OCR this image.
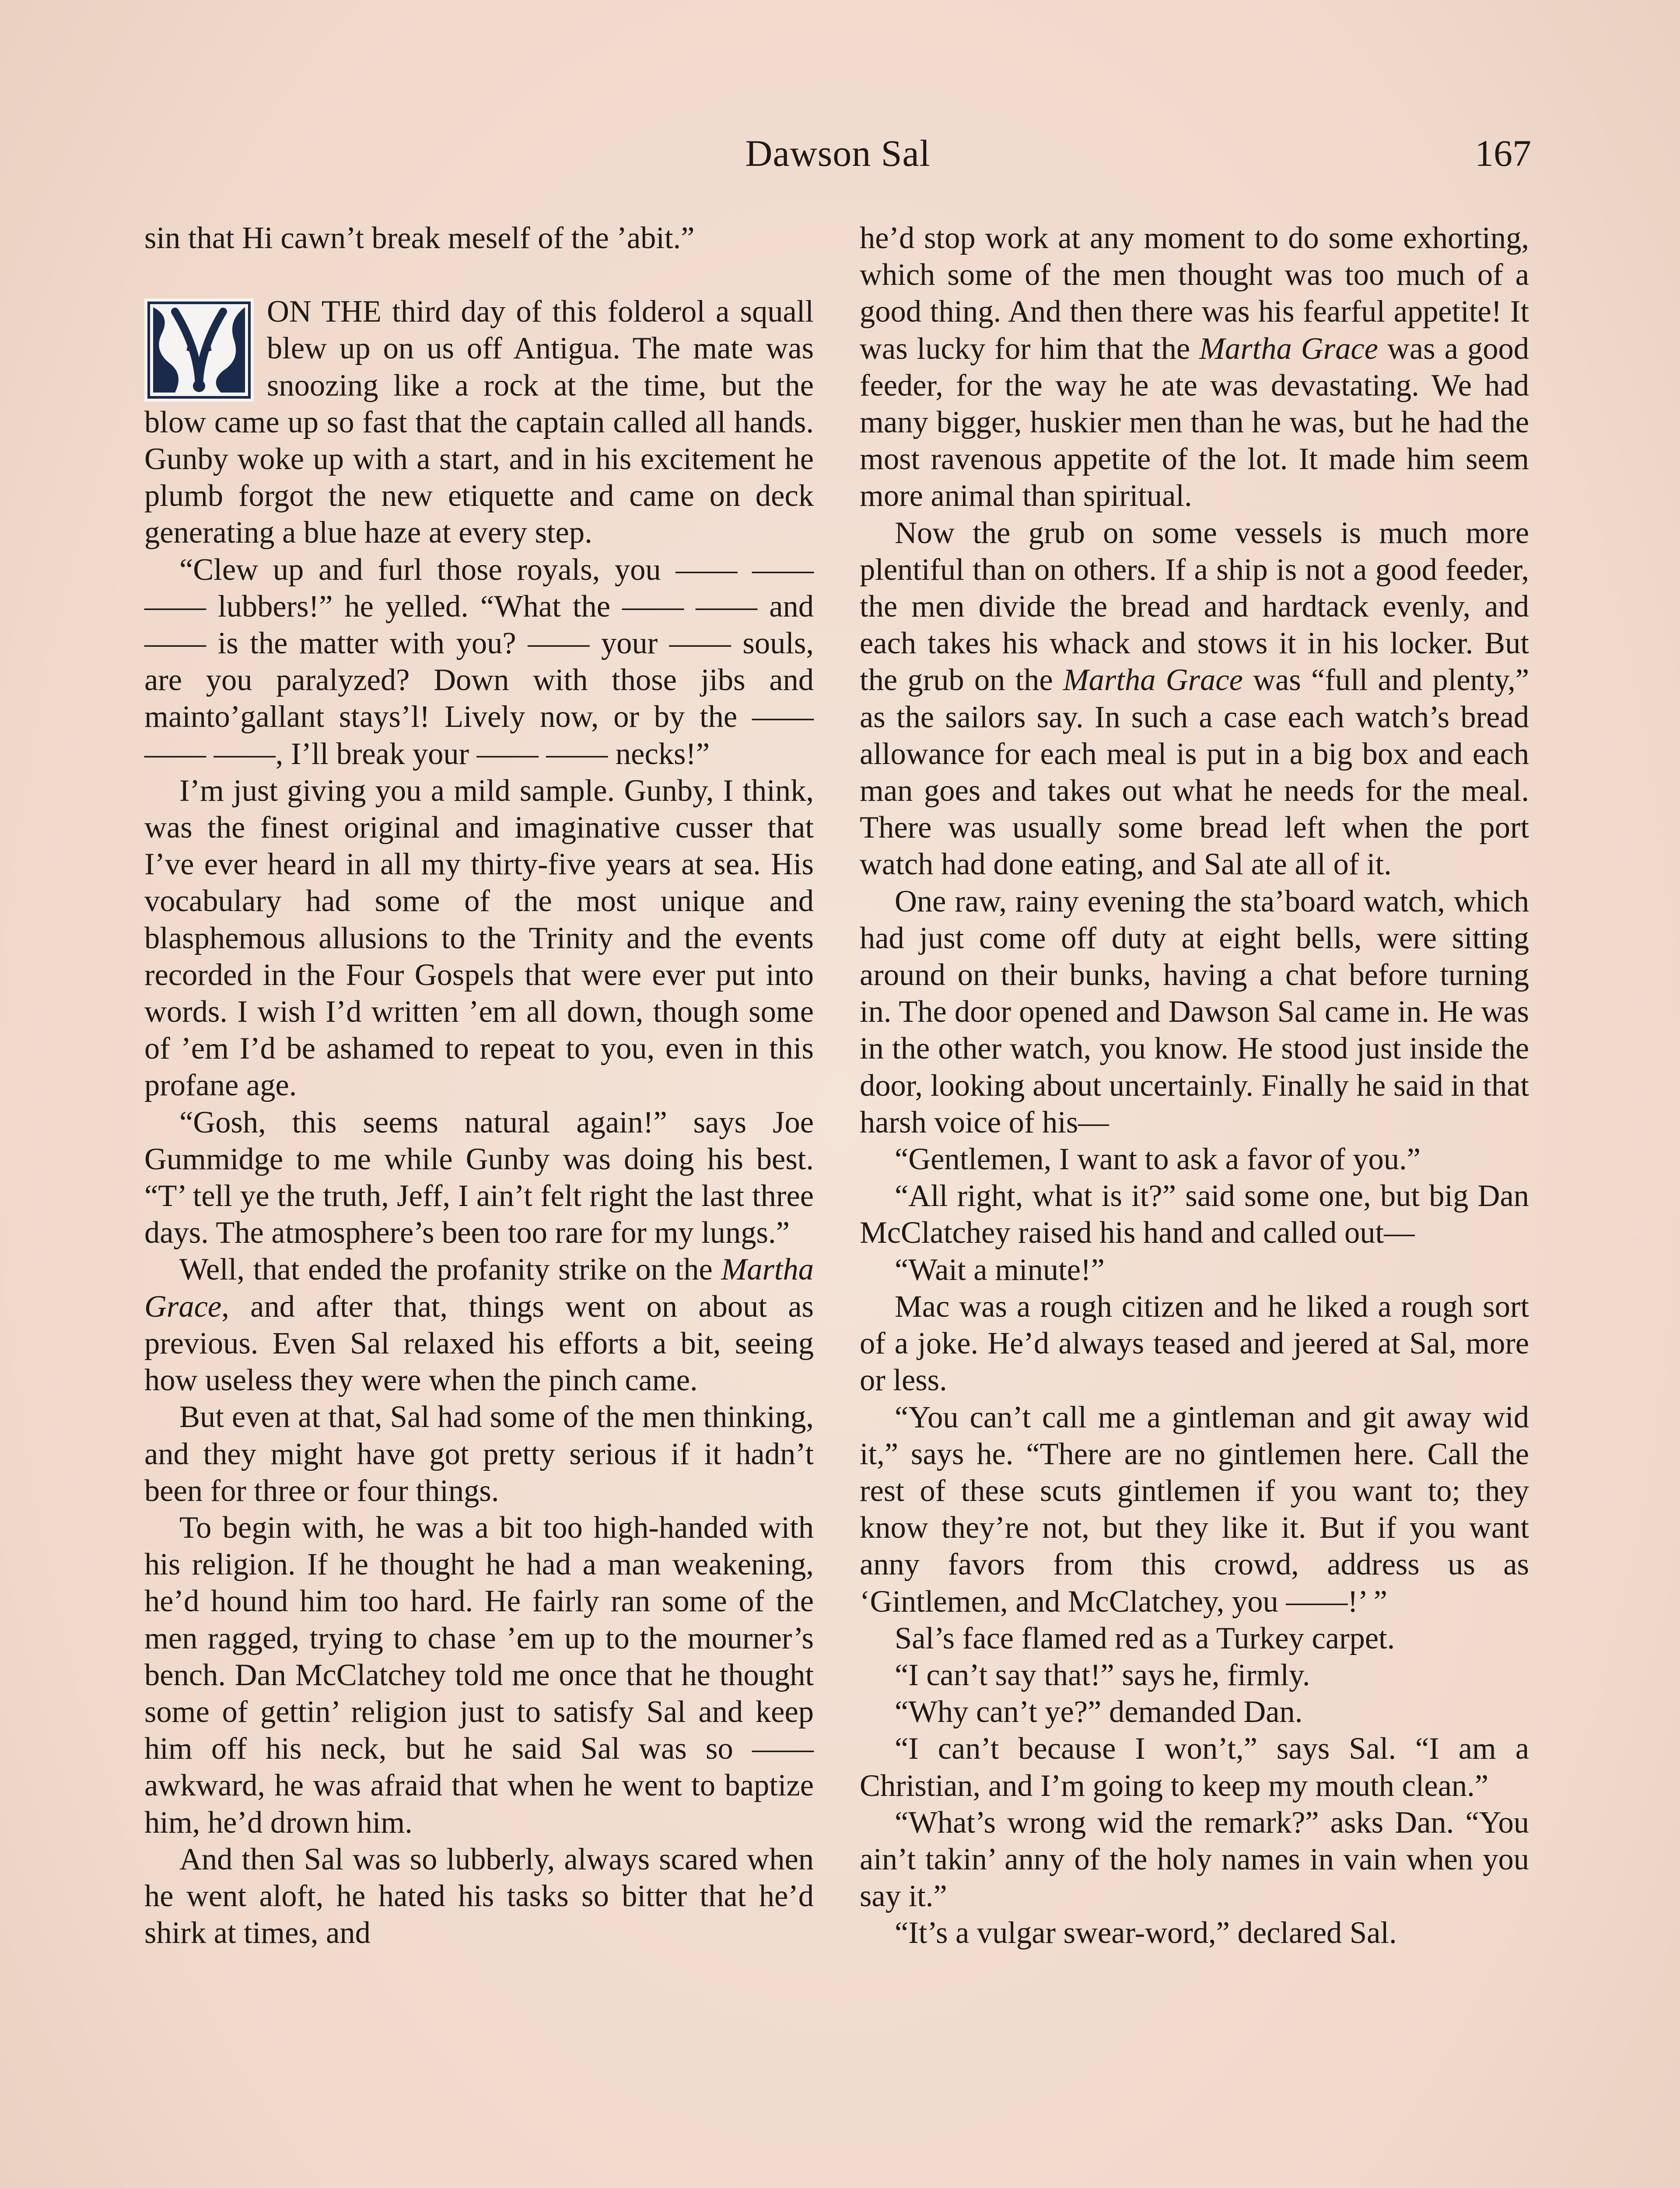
Dawson Sal	167

sin that Hi cawn’t break meself of the ’abit.”

ON THE third day of this folderol a squall blew up on us off Antigua. The mate was snoozing like a rock at the time, but the blow came up so fast that the captain called all hands. Gunby woke up with a start, and in his excitement he plumb forgot the new etiquette and came on deck generating a blue haze at every step.

“Clew up and furl those royals, you —— —— —— lubbers!” he yelled. “What the —— —— and —— is the matter with you? —— your —— souls, are you paralyzed? Down with those jibs and mainto’gallant stays’l! Lively now, or by the —— —— ——, I’ll break your —— —— necks!”

I’m just giving you a mild sample. Gunby, I think, was the finest original and imaginative cusser that I’ve ever heard in all my thirty-five years at sea. His vocabulary had some of the most unique and blasphemous allusions to the Trinity and the events recorded in the Four Gospels that were ever put into words. I wish I’d written ’em all down, though some of ’em I’d be ashamed to repeat to you, even in this profane age.

“Gosh, this seems natural again!” says Joe Gummidge to me while Gunby was doing his best. “T’ tell ye the truth, Jeff, I ain’t felt right the last three days. The atmosphere’s been too rare for my lungs.”

Well, that ended the profanity strike on the Martha Grace, and after that, things went on about as previous. Even Sal relaxed his efforts a bit, seeing how useless they were when the pinch came.

But even at that, Sal had some of the men thinking, and they might have got pretty serious if it hadn’t been for three or four things.

To begin with, he was a bit too high-handed with his religion. If he thought he had a man weakening, he’d hound him too hard. He fairly ran some of the men ragged, trying to chase ’em up to the mourner’s bench. Dan McClatchey told me once that he thought some of gettin’ religion just to satisfy Sal and keep him off his neck, but he said Sal was so —— awkward, he was afraid that when he went to baptize him, he’d drown him.

And then Sal was so lubberly, always scared when he went aloft, he hated his tasks so bitter that he’d shirk at times, and

he’d stop work at any moment to do some exhorting, which some of the men thought was too much of a good thing. And then there was his fearful appetite! It was lucky for him that the Martha Grace was a good feeder, for the way he ate was devastating. We had many bigger, huskier men than he was, but he had the most ravenous appetite of the lot. It made him seem more animal than spiritual.

Now the grub on some vessels is much more plentiful than on others. If a ship is not a good feeder, the men divide the bread and hardtack evenly, and each takes his whack and stows it in his locker. But the grub on the Martha Grace was “full and plenty,” as the sailors say. In such a case each watch’s bread allowance for each meal is put in a big box and each man goes and takes out what he needs for the meal. There was usually some bread left when the port watch had done eating, and Sal ate all of it.

One raw, rainy evening the sta’board watch, which had just come off duty at eight bells, were sitting around on their bunks, having a chat before turning in. The door opened and Dawson Sal came in. He was in the other watch, you know. He stood just inside the door, looking about uncertainly. Finally he said in that harsh voice of his—

“Gentlemen, I want to ask a favor of you.”

“All right, what is it?” said some one, but big Dan McClatchey raised his hand and called out—

“Wait a minute!”

Mac was a rough citizen and he liked a rough sort of a joke. He’d always teased and jeered at Sal, more or less.

“You can’t call me a gintleman and git away wid it,” says he. “There are no gintlemen here. Call the rest of these scuts gintlemen if you want to; they know they’re not, but they like it. But if you want anny favors from this crowd, address us as ‘Gintlemen, and McClatchey, you ——!’ ”

Sal’s face flamed red as a Turkey carpet.

“I can’t say that!” says he, firmly.

“Why can’t ye?” demanded Dan.

“I can’t because I won’t,” says Sal. “I am a Christian, and I’m going to keep my mouth clean.”

“What’s wrong wid the remark?” asks Dan. “You ain’t takin’ anny of the holy names in vain when you say it.”

“It’s a vulgar swear-word,” declared Sal.
